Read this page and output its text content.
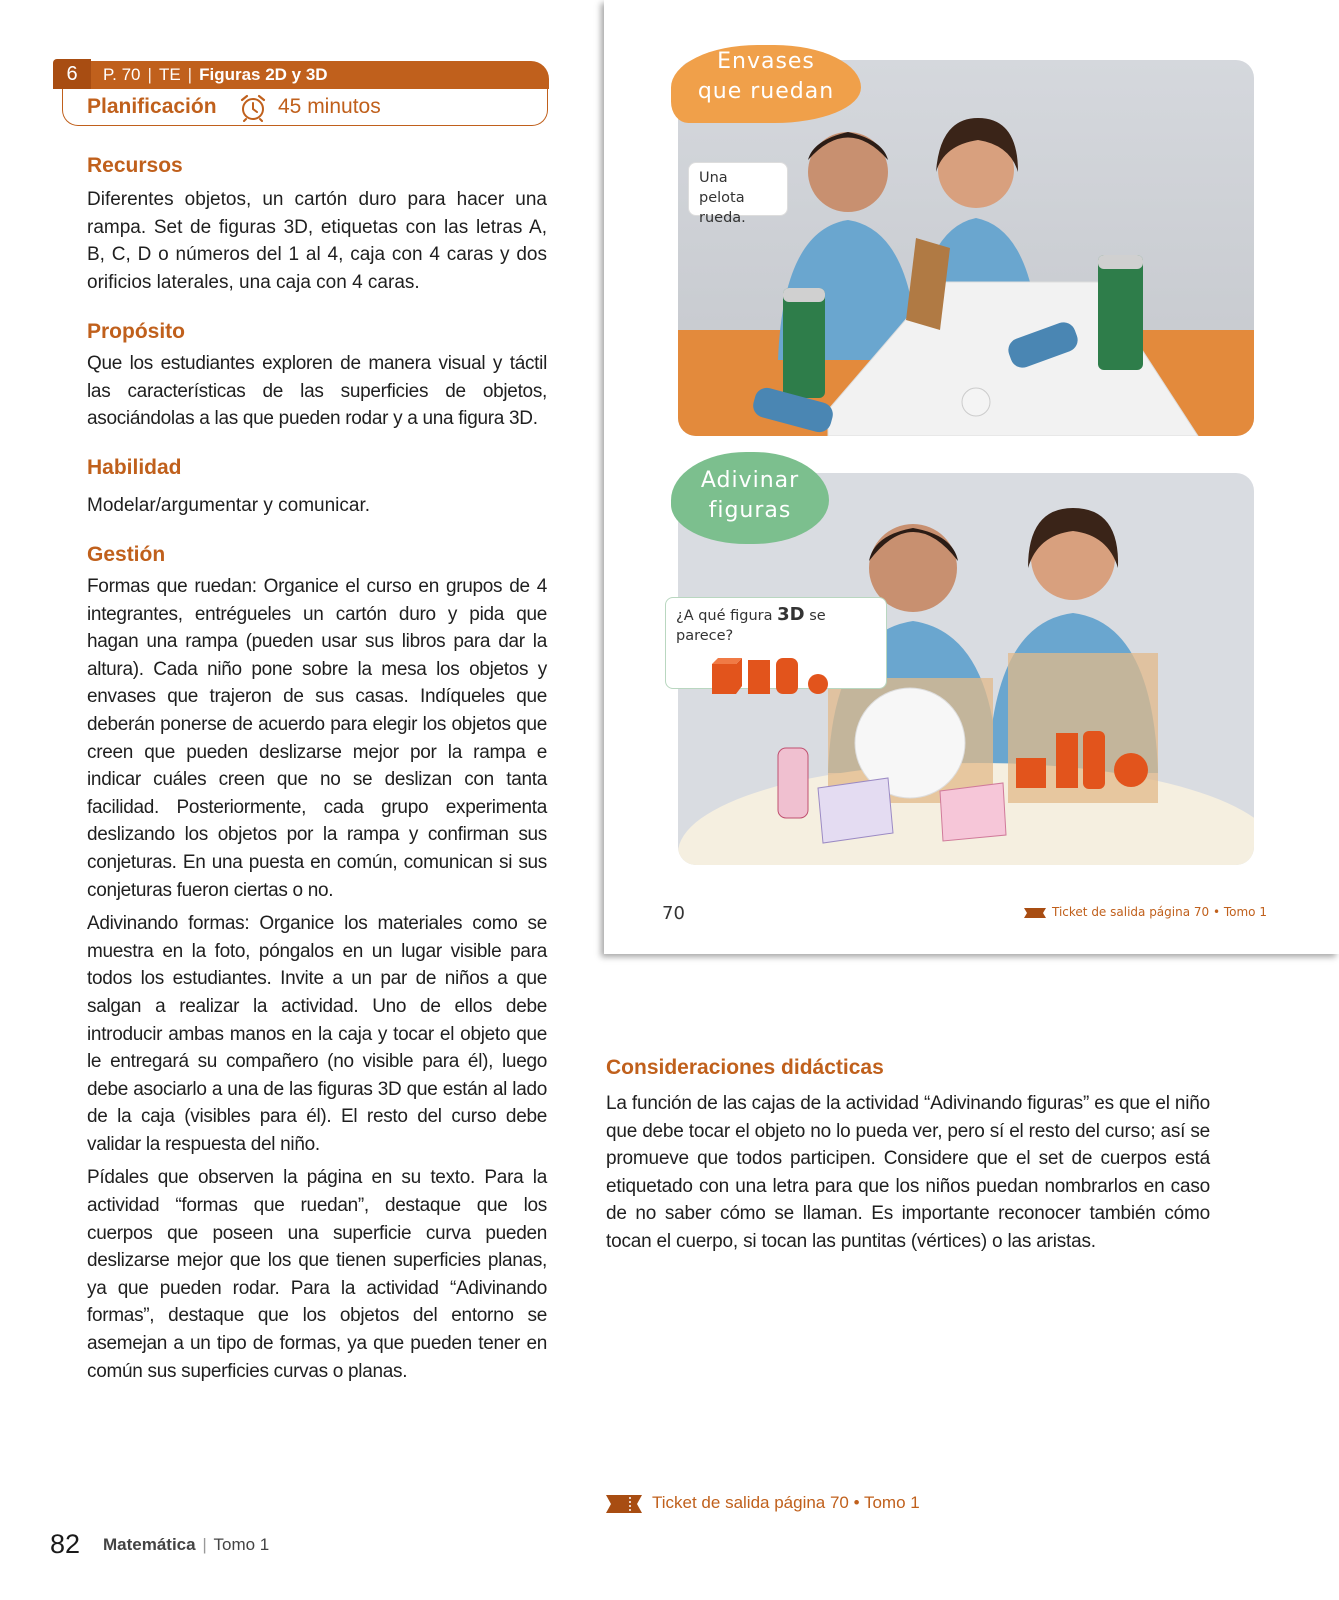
6	P. 70 | TE | Figuras 2D y 3D
Planificación	45 minutos
Recursos

Diferentes objetos, un cartón duro para hacer una rampa. Set de figuras 3D, etiquetas con las letras A, B, C, D o números del 1 al 4, caja con 4 caras y dos orificios laterales, una caja con 4 caras.

Propósito

Que los estudiantes exploren de manera visual y táctil las características de las superficies de objetos, asociándolas a las que pueden rodar y a una figura 3D.

Habilidad

Modelar/argumentar y comunicar.

Gestión

Formas que ruedan: Organice el curso en grupos de 4 integrantes, entrégueles un cartón duro y pida que hagan una rampa (pueden usar sus libros para dar la altura). Cada niño pone sobre la mesa los objetos y envases que trajeron de sus casas. Indíqueles que deberán ponerse de acuerdo para elegir los objetos que creen que pueden deslizarse mejor por la rampa e indicar cuáles creen que no se deslizan con tanta facilidad. Posteriormente, cada grupo experimenta deslizando los objetos por la rampa y confirman sus conjeturas. En una puesta en común, comunican si sus conjeturas fueron ciertas o no.

Adivinando formas: Organice los materiales como se muestra en la foto, póngalos en un lugar visible para todos los estudiantes. Invite a un par de niños a que salgan a realizar la actividad. Uno de ellos debe introducir ambas manos en la caja y tocar el objeto que le entregará su compañero (no visible para él), luego debe asociarlo a una de las figuras 3D que están al lado de la caja (visibles para él). El resto del curso debe validar la respuesta del niño.

Pídales que observen la página en su texto. Para la actividad “formas que ruedan”, destaque que los cuerpos que poseen una superficie curva pueden deslizarse mejor que los que tienen superficies planas, ya que pueden rodar. Para la actividad “Adivinando formas”, destaque que los objetos del entorno se asemejan a un tipo de formas, ya que pueden tener en común sus superficies curvas o planas.

Envases
que ruedan
Una pelota rueda.
Adivinar
figuras
¿A qué figura 3D se parece?
70	Ticket de salida página 70 • Tomo 1
Consideraciones didácticas

La función de las cajas de la actividad “Adivinando figuras” es que el niño que debe tocar el objeto no lo pueda ver, pero sí el resto del curso; así se promueve que todos participen. Considere que el set de cuerpos está etiquetado con una letra para que los niños puedan nombrarlos en caso de no saber cómo se llaman. Es importante reconocer también cómo tocan el cuerpo, si tocan las puntitas (vértices) o las aristas.

Ticket de salida página 70 • Tomo 1
82 Matemática | Tomo 1
